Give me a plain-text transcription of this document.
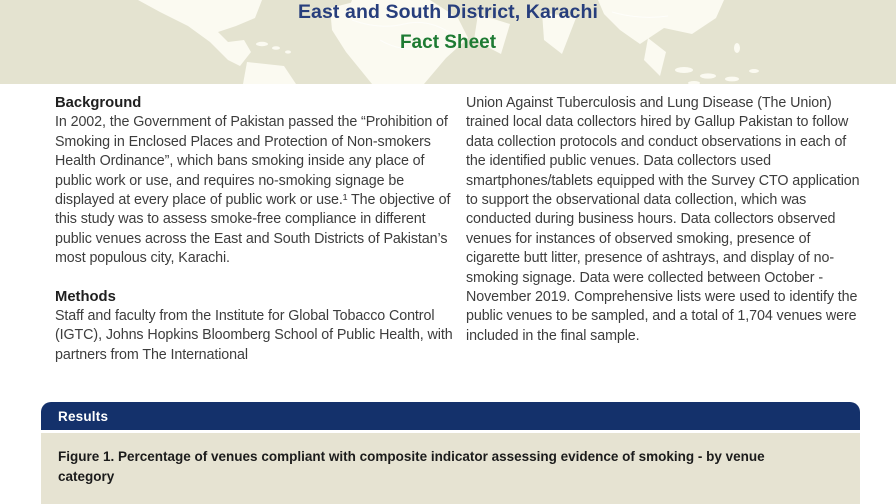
East and South District, Karachi
Fact Sheet
Background

In 2002, the Government of Pakistan passed the “Prohibition of Smoking in Enclosed Places and Protection of Non-smokers Health Ordinance”, which bans smoking inside any place of public work or use, and requires no-smoking signage be displayed at every place of public work or use.¹ The objective of this study was to assess smoke-free compliance in different public venues across the East and South Districts of Pakistan’s most populous city, Karachi.

Methods

Staff and faculty from the Institute for Global Tobacco Control (IGTC), Johns Hopkins Bloomberg School of Public Health, with partners from The International

Union Against Tuberculosis and Lung Disease (The Union) trained local data collectors hired by Gallup Pakistan to follow data collection protocols and conduct observations in each of the identified public venues. Data collectors used smartphones/tablets equipped with the Survey CTO application to support the observational data collection, which was conducted during business hours. Data collectors observed venues for instances of observed smoking, presence of cigarette butt litter, presence of ashtrays, and display of no-smoking signage. Data were collected between October - November 2019. Comprehensive lists were used to identify the public venues to be sampled, and a total of 1,704 venues were included in the final sample.

Results

Figure 1. Percentage of venues compliant with composite indicator assessing evidence of smoking - by venue category
